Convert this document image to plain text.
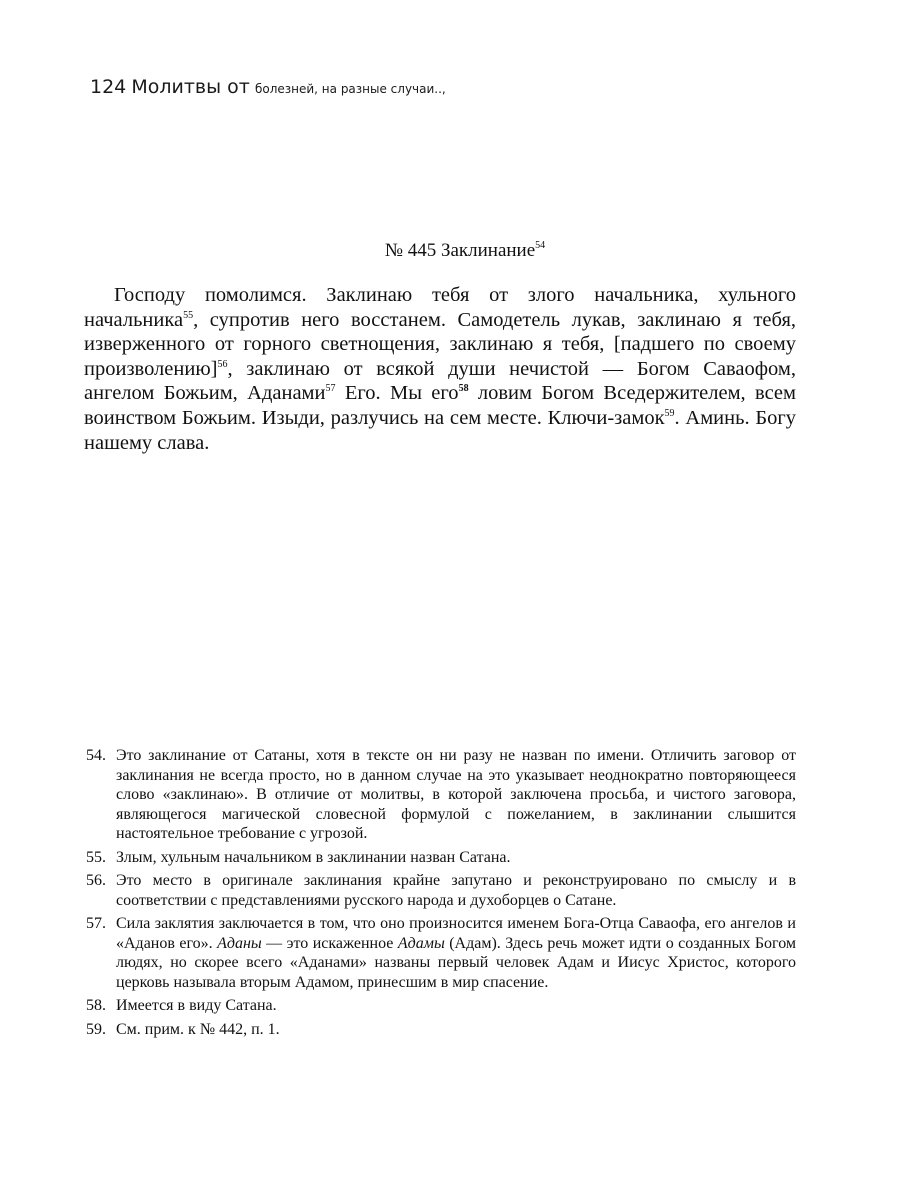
124 Молитвы от болезней, на разные случаи..,
№ 445 Заклинание$^{54}$

Господу помолимся. Заклинаю тебя от злого начальника, хульного начальника$^{55}$, супротив него восстанем. Самодетель лукав, заклинаю я тебя, изверженного от горного светнощения, заклинаю я тебя, [падшего по своему произволению]$^{56}$, заклинаю от всякой души нечистой — Богом Саваофом, ангелом Божьим, Аданами$^{57}$ Его. Мы его$^{58}$ ловим Богом Вседержителем, всем воинством Божьим. Изыди, разлучись на сем месте. Ключи-замок$^{59}$. Аминь. Богу нашему слава.

54. Это заклинание от Сатаны, хотя в тексте он ни разу не назван по имени. Отличить заговор от заклинания не всегда просто, но в данном случае на это указывает неоднократно повторяющееся слово «заклинаю». В отличие от молитвы, в которой заключена просьба, и чистого заговора, являющегося магической словесной формулой с пожеланием, в заклинании слышится настоятельное требование с угрозой.
55. Злым, хульным начальником в заклинании назван Сатана.
56. Это место в оригинале заклинания крайне запутано и реконструировано по смыслу и в соответствии с представлениями русского народа и духоборцев о Сатане.
57. Сила заклятия заключается в том, что оно произносится именем Бога-Отца Саваофа, его ангелов и «Аданов его». Аданы — это искаженное Адамы (Адам). Здесь речь может идти о созданных Богом людях, но скорее всего «Аданами» названы первый человек Адам и Иисус Христос, которого церковь называла вторым Адамом, принесшим в мир спасение.
58. Имеется в виду Сатана.
59. См. прим. к № 442, п. 1.
